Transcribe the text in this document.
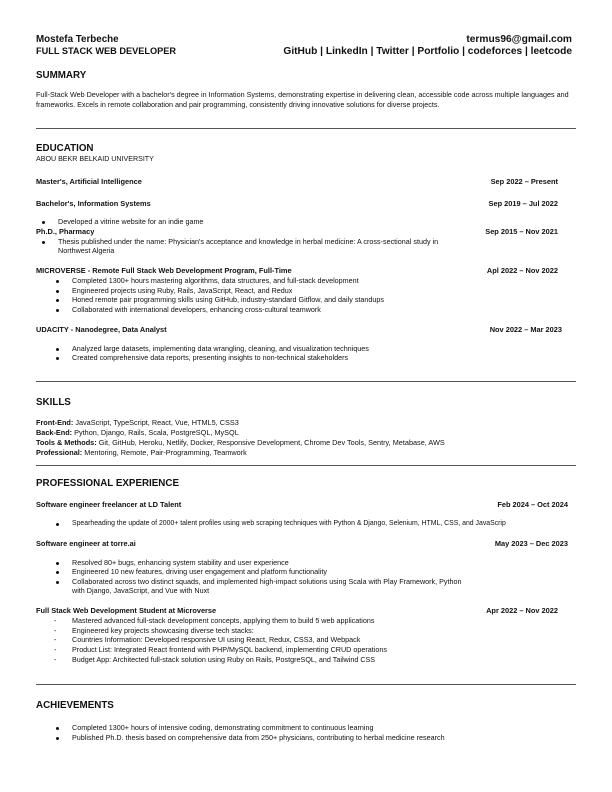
Mostefa Terbeche
FULL STACK WEB DEVELOPER
termus96@gmail.com
GitHub | LinkedIn | Twitter | Portfolio | codeforces | leetcode
SUMMARY
Full-Stack Web Developer with a bachelor's degree in Information Systems, demonstrating expertise in delivering clean, accessible code across multiple languages and frameworks. Excels in remote collaboration and pair programming, consistently driving innovative solutions for diverse projects.
EDUCATION
ABOU BEKR BELKAID UNIVERSITY
Master's, Artificial Intelligence	Sep 2022 – Present
Bachelor's, Information Systems	Sep 2019 – Jul 2022
Developed a vitrine website for an indie game
Ph.D., Pharmacy	Sep 2015 – Nov 2021
Thesis published under the name: Physician's acceptance and knowledge in herbal medicine: A cross-sectional study in
Northwest Algeria
MICROVERSE - Remote Full Stack Web Development Program, Full-Time	Apl 2022 – Nov 2022
Completed 1300+ hours mastering algorithms, data structures, and full-stack development
Engineered projects using Ruby, Rails, JavaScript, React, and Redux
Honed remote pair programming skills using GitHub, industry-standard Gitflow, and daily standups
Collaborated with international developers, enhancing cross-cultural teamwork
UDACITY - Nanodegree, Data Analyst	Nov 2022 – Mar 2023
Analyzed large datasets, implementing data wrangling, cleaning, and visualization techniques
Created comprehensive data reports, presenting insights to non-technical stakeholders
SKILLS
Front-End: JavaScript, TypeScript, React, Vue, HTML5, CSS3
Back-End: Python, Django, Rails, Scala, PostgreSQL, MySQL
Tools & Methods: Git, GitHub, Heroku, Netlify, Docker, Responsive Development, Chrome Dev Tools, Sentry, Metabase, AWS
Professional: Mentoring, Remote, Pair-Programming, Teamwork
PROFESSIONAL EXPERIENCE
Software engineer freelancer at LD Talent	Feb 2024 – Oct 2024
Spearheading the update of 2000+ talent profiles using web scraping techniques with Python & Django, Selenium, HTML, CSS, and JavaScrip
Software engineer at torre.ai	May 2023 – Dec 2023
Resolved 80+ bugs, enhancing system stability and user experience
Engineered 10 new features, driving user engagement and platform functionality
Collaborated across two distinct squads, and implemented high-impact solutions using Scala with Play Framework, Python
with Django, JavaScript, and Vue with Nuxt
Full Stack Web Development Student at Microverse	Apr 2022 – Nov 2022
- Mastered advanced full-stack development concepts, applying them to build 5 web applications
- Engineered key projects showcasing diverse tech stacks:
- Countries Information: Developed responsive UI using React, Redux, CSS3, and Webpack
- Product List: Integrated React frontend with PHP/MySQL backend, implementing CRUD operations
- Budget App: Architected full-stack solution using Ruby on Rails, PostgreSQL, and Tailwind CSS
ACHIEVEMENTS
Completed 1300+ hours of intensive coding, demonstrating commitment to continuous learning
Published Ph.D. thesis based on comprehensive data from 250+ physicians, contributing to herbal medicine research
